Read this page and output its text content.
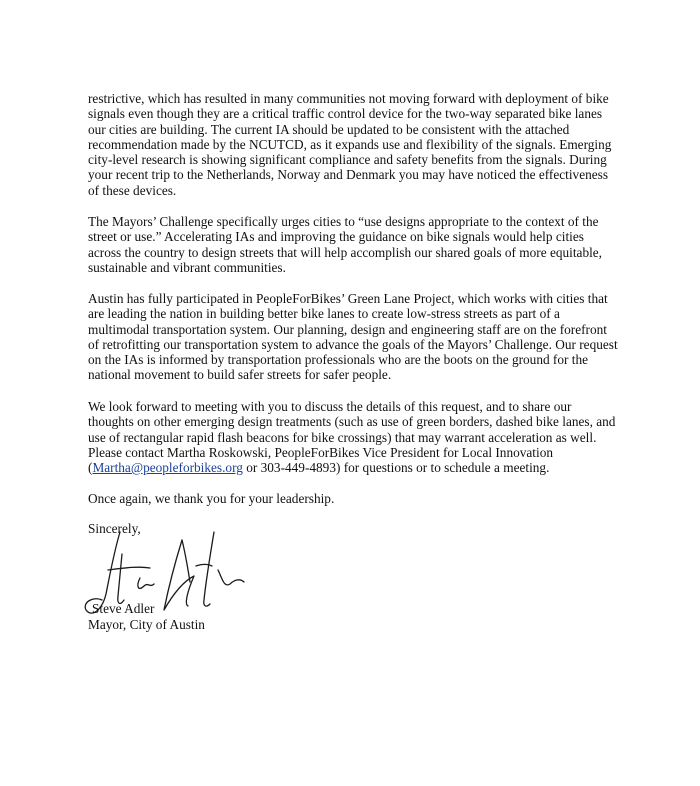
restrictive, which has resulted in many communities not moving forward with deployment of bike signals even though they are a critical traffic control device for the two-way separated bike lanes our cities are building. The current IA should be updated to be consistent with the attached recommendation made by the NCUTCD, as it expands use and flexibility of the signals. Emerging city-level research is showing significant compliance and safety benefits from the signals. During your recent trip to the Netherlands, Norway and Denmark you may have noticed the effectiveness of these devices.

The Mayors’ Challenge specifically urges cities to “use designs appropriate to the context of the street or use.” Accelerating IAs and improving the guidance on bike signals would help cities across the country to design streets that will help accomplish our shared goals of more equitable, sustainable and vibrant communities.

Austin has fully participated in PeopleForBikes’ Green Lane Project, which works with cities that are leading the nation in building better bike lanes to create low-stress streets as part of a multimodal transportation system. Our planning, design and engineering staff are on the forefront of retrofitting our transportation system to advance the goals of the Mayors’ Challenge. Our request on the IAs is informed by transportation professionals who are the boots on the ground for the national movement to build safer streets for safer people.

We look forward to meeting with you to discuss the details of this request, and to share our thoughts on other emerging design treatments (such as use of green borders, dashed bike lanes, and use of rectangular rapid flash beacons for bike crossings) that may warrant acceleration as well. Please contact Martha Roskowski, PeopleForBikes Vice President for Local Innovation (Martha@peopleforbikes.org or 303-449-4893) for questions or to schedule a meeting.

Once again, we thank you for your leadership.

Sincerely,
Steve Adler
Mayor, City of Austin
